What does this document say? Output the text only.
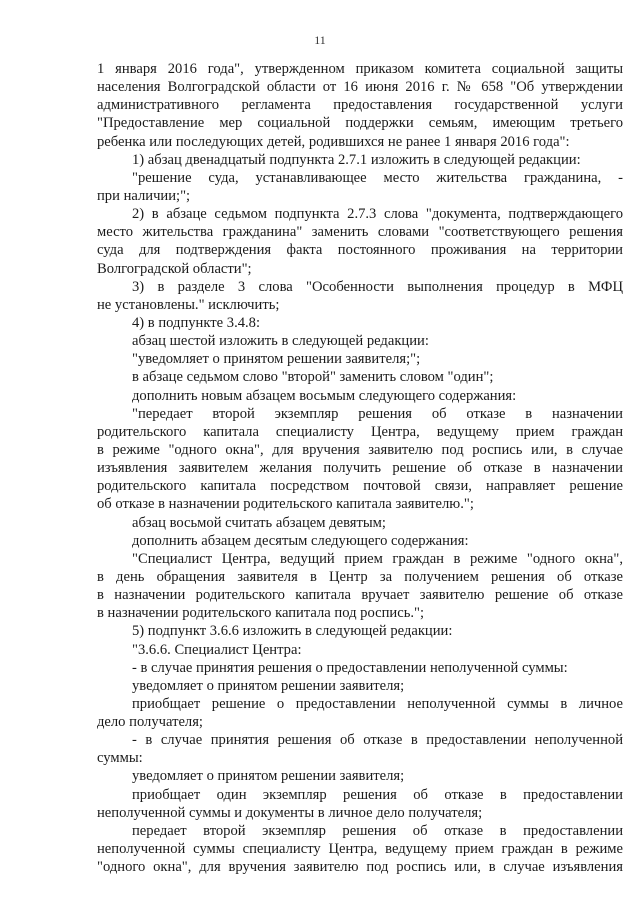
11
1 января 2016 года", утвержденном приказом комитета социальной защиты
населения Волгоградской области от 16 июня 2016 г. № 658 "Об утверждении
административного регламента предоставления государственной услуги
"Предоставление мер социальной поддержки семьям, имеющим третьего
ребенка или последующих детей, родившихся не ранее 1 января 2016 года":
1) абзац двенадцатый подпункта 2.7.1 изложить в следующей редакции:
"решение суда, устанавливающее место жительства гражданина, -
при наличии;";
2) в абзаце седьмом подпункта 2.7.3 слова "документа, подтверждающего
место жительства гражданина" заменить словами "соответствующего решения
суда для подтверждения факта постоянного проживания на территории
Волгоградской области";
3) в разделе 3 слова "Особенности выполнения процедур в МФЦ
не установлены." исключить;
4) в подпункте 3.4.8:
абзац шестой изложить в следующей редакции:
"уведомляет о принятом решении заявителя;";
в абзаце седьмом слово "второй" заменить словом "один";
дополнить новым абзацем восьмым следующего содержания:
"передает второй экземпляр решения об отказе в назначении
родительского капитала специалисту Центра, ведущему прием граждан
в режиме "одного окна", для вручения заявителю под роспись или, в случае
изъявления заявителем желания получить решение об отказе в назначении
родительского капитала посредством почтовой связи, направляет решение
об отказе в назначении родительского капитала заявителю.";
абзац восьмой считать абзацем девятым;
дополнить абзацем десятым следующего содержания:
"Специалист Центра, ведущий прием граждан в режиме "одного окна",
в день обращения заявителя в Центр за получением решения об отказе
в назначении родительского капитала вручает заявителю решение об отказе
в назначении родительского капитала под роспись.";
5) подпункт 3.6.6 изложить в следующей редакции:
"3.6.6. Специалист Центра:
- в случае принятия решения о предоставлении неполученной суммы:
уведомляет о принятом решении заявителя;
приобщает решение о предоставлении неполученной суммы в личное
дело получателя;
- в случае принятия решения об отказе в предоставлении неполученной
суммы:
уведомляет о принятом решении заявителя;
приобщает один экземпляр решения об отказе в предоставлении
неполученной суммы и документы в личное дело получателя;
передает второй экземпляр решения об отказе в предоставлении
неполученной суммы специалисту Центра, ведущему прием граждан в режиме
"одного окна", для вручения заявителю под роспись или, в случае изъявления
